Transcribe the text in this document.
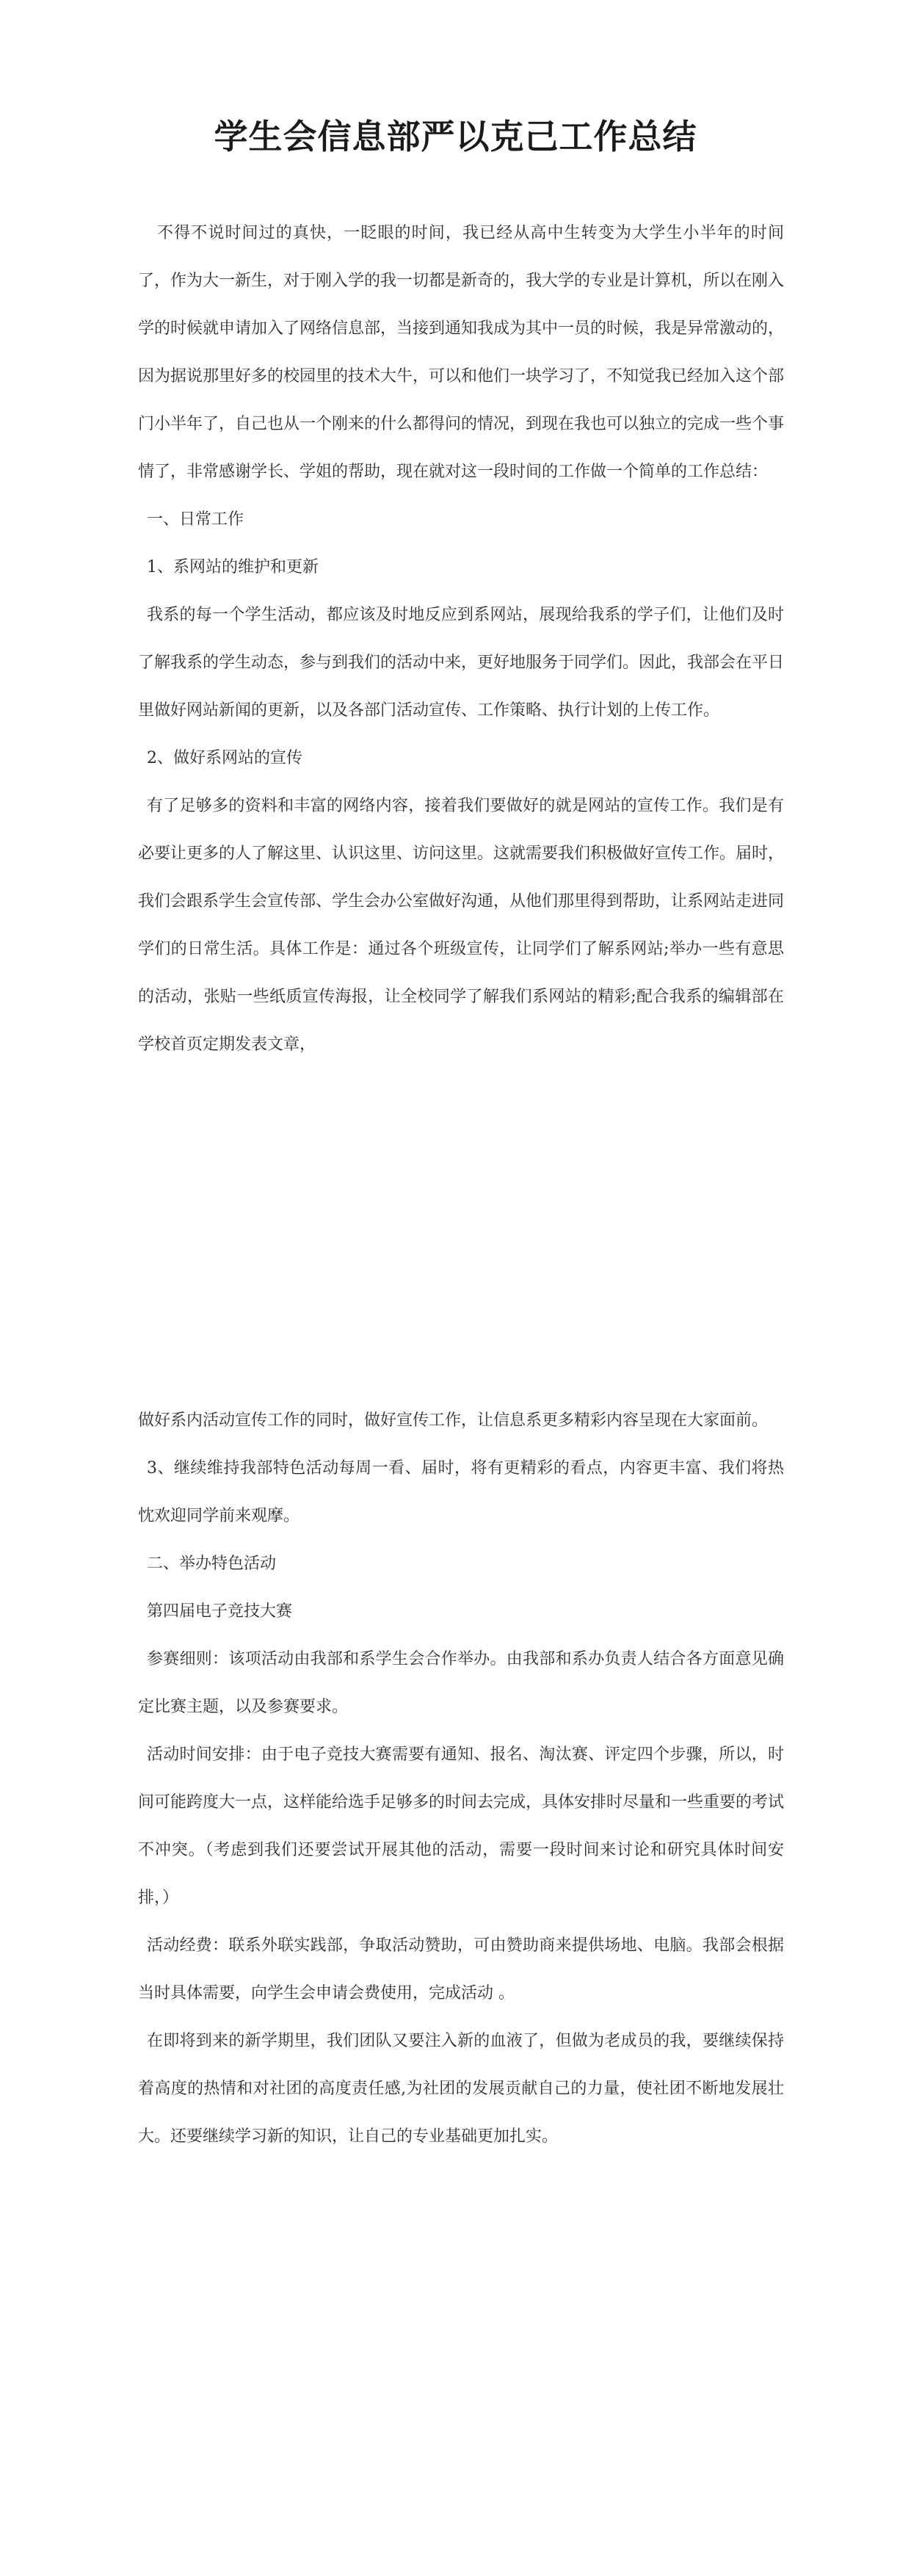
学生会信息部严以克己工作总结

不得不说时间过的真快，一眨眼的时间，我已经从高中生转变为大学生小半年的时间了，作为大一新生，对于刚入学的我一切都是新奇的，我大学的专业是计算机，所以在刚入学的时候就申请加入了网络信息部，当接到通知我成为其中一员的时候，我是异常激动的，因为据说那里好多的校园里的技术大牛，可以和他们一块学习了，不知觉我已经加入这个部门小半年了，自己也从一个刚来的什么都得问的情况，到现在我也可以独立的完成一些个事情了，非常感谢学长、学姐的帮助，现在就对这一段时间的工作做一个简单的工作总结：

一、日常工作

1、系网站的维护和更新

我系的每一个学生活动，都应该及时地反应到系网站，展现给我系的学子们，让他们及时了解我系的学生动态，参与到我们的活动中来，更好地服务于同学们。因此，我部会在平日里做好网站新闻的更新，以及各部门活动宣传、工作策略、执行计划的上传工作。

2、做好系网站的宣传

有了足够多的资料和丰富的网络内容，接着我们要做好的就是网站的宣传工作。我们是有必要让更多的人了解这里、认识这里、访问这里。这就需要我们积极做好宣传工作。届时，我们会跟系学生会宣传部、学生会办公室做好沟通，从他们那里得到帮助，让系网站走进同学们的日常生活。具体工作是：通过各个班级宣传，让同学们了解系网站;举办一些有意思的活动，张贴一些纸质宣传海报，让全校同学了解我们系网站的精彩;配合我系的编辑部在学校首页定期发表文章，

做好系内活动宣传工作的同时，做好宣传工作，让信息系更多精彩内容呈现在大家面前。

3、继续维持我部特色活动每周一看、届时，将有更精彩的看点，内容更丰富、我们将热忱欢迎同学前来观摩。

二、举办特色活动

第四届电子竞技大赛

参赛细则：该项活动由我部和系学生会合作举办。由我部和系办负责人结合各方面意见确定比赛主题，以及参赛要求。

活动时间安排：由于电子竞技大赛需要有通知、报名、淘汰赛、评定四个步骤，所以，时间可能跨度大一点，这样能给选手足够多的时间去完成，具体安排时尽量和一些重要的考试不冲突。（考虑到我们还要尝试开展其他的活动，需要一段时间来讨论和研究具体时间安排，）

活动经费：联系外联实践部，争取活动赞助，可由赞助商来提供场地、电脑。我部会根据当时具体需要，向学生会申请会费使用，完成活动 。

在即将到来的新学期里，我们团队又要注入新的血液了，但做为老成员的我，要继续保持着高度的热情和对社团的高度责任感,为社团的发展贡献自己的力量，使社团不断地发展壮大。还要继续学习新的知识，让自己的专业基础更加扎实。
